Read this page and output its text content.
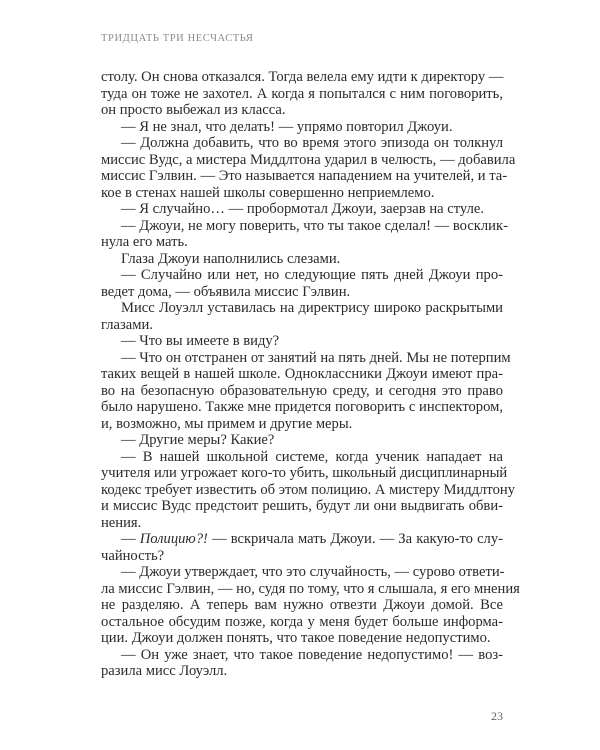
ТРИДЦАТЬ ТРИ НЕСЧАСТЬЯ
столу. Он снова отказался. Тогда велела ему идти к директору —
туда он тоже не захотел. А когда я попытался с ним поговорить,
он просто выбежал из класса.
— Я не знал, что делать! — упрямо повторил Джоуи.
— Должна добавить, что во время этого эпизода он толкнул
миссис Вудс, а мистера Миддлтона ударил в челюсть, — добавила
миссис Гэлвин. — Это называется нападением на учителей, и та-
кое в стенах нашей школы совершенно неприемлемо.
— Я случайно… — пробормотал Джоуи, заерзав на стуле.
— Джоуи, не могу поверить, что ты такое сделал! — восклик-
нула его мать.
Глаза Джоуи наполнились слезами.
— Случайно или нет, но следующие пять дней Джоуи про-
ведет дома, — объявила миссис Гэлвин.
Мисс Лоуэлл уставилась на директрису широко раскрытыми
глазами.
— Что вы имеете в виду?
— Что он отстранен от занятий на пять дней. Мы не потерпим
таких вещей в нашей школе. Одноклассники Джоуи имеют пра-
во на безопасную образовательную среду, и сегодня это право
было нарушено. Также мне придется поговорить с инспектором,
и, возможно, мы примем и другие меры.
— Другие меры? Какие?
— В нашей школьной системе, когда ученик нападает на
учителя или угрожает кого-то убить, школьный дисциплинарный
кодекс требует известить об этом полицию. А мистеру Миддлтону
и миссис Вудс предстоит решить, будут ли они выдвигать обви-
нения.
— Полицию?! — вскричала мать Джоуи. — За какую-то слу-
чайность?
— Джоуи утверждает, что это случайность, — сурово ответи-
ла миссис Гэлвин, — но, судя по тому, что я слышала, я его мнения
не разделяю. А теперь вам нужно отвезти Джоуи домой. Все
остальное обсудим позже, когда у меня будет больше информа-
ции. Джоуи должен понять, что такое поведение недопустимо.
— Он уже знает, что такое поведение недопустимо! — воз-
разила мисс Лоуэлл.
23
